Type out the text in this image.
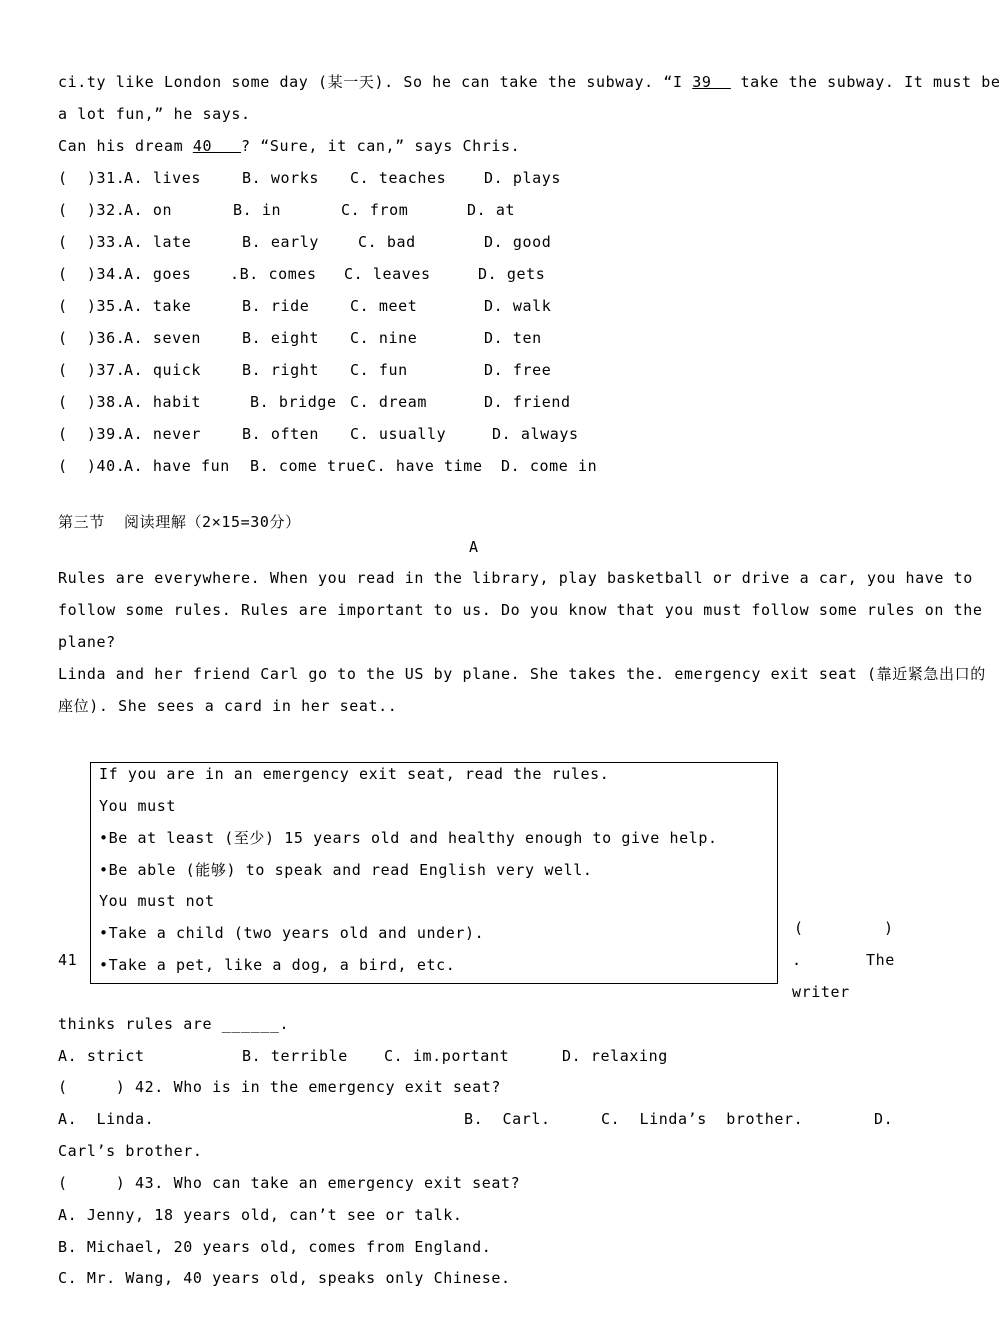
ci.ty like London some day (某一天). So he can take the subway. “I 39   take the subway. It must be
a lot fun,” he says.
Can his dream 40   ? “Sure, it can,” says Chris.
(  )31.
A. lives	B. works C. teaches	D. plays
(  )32.
A. on	B. in	C. from	D. at
(  )33.
A. late	B. early	C. bad	D. good
(  )34.
A. goes	.B. comes C. leaves	D. gets
(  )35.
A. take	B. ride	C. meet	D. walk
(  )36.
A. seven	B. eight C. nine	D. ten
(  )37.
A. quick	B. right C. fun	D. free
(  )38.
A. habit	B. bridge C. dream	D. friend
(  )39.
A. never	B. often C. usually	D. always
(  )40.
A. have fun B. come true C. have time D. come in
第三节  阅读理解（2×15=30分）
A
Rules are everywhere. When you read in the library, play basketball or drive a car, you have to
follow some rules. Rules are important to us. Do you know that you must follow some rules on the
plane?
Linda and her friend Carl go to the US by plane. She takes the. emergency exit seat (靠近紧急出口的
座位). She sees a card in her seat..
If you are in an emergency exit seat, read the rules.
You must
•Be at least (至少) 15 years old and healthy enough to give help.
•Be able (能够) to speak and read English very well.
You must not
•Take a child (two years old and under).
•Take a pet, like a dog, a bird, etc.
41
(	)
.	The
writer
thinks rules are ______.
A. strict	B. terrible C. im.portant	D. relaxing
(     ) 42. Who is in the emergency exit seat?
A.  Linda.	B.  Carl.	C.  Linda’s  brother.	D.
Carl’s brother.
(     ) 43. Who can take an emergency exit seat?
A. Jenny, 18 years old, can’t see or talk.
B. Michael, 20 years old, comes from England.
C. Mr. Wang, 40 years old, speaks only Chinese.
